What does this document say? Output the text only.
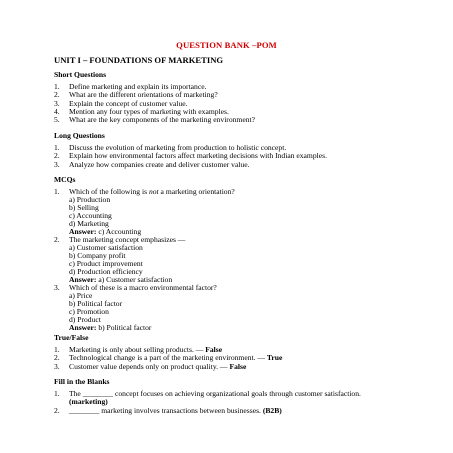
QUESTION BANK –POM
UNIT I – FOUNDATIONS OF MARKETING
Short Questions
1. Define marketing and explain its importance.
2. What are the different orientations of marketing?
3. Explain the concept of customer value.
4. Mention any four types of marketing with examples.
5. What are the key components of the marketing environment?
Long Questions
1. Discuss the evolution of marketing from production to holistic concept.
2. Explain how environmental factors affect marketing decisions with Indian examples.
3. Analyze how companies create and deliver customer value.
MCQs
1. Which of the following is not a marketing orientation?
a) Production
b) Selling
c) Accounting
d) Marketing
Answer: c) Accounting
2. The marketing concept emphasizes —
a) Customer satisfaction
b) Company profit
c) Product improvement
d) Production efficiency
Answer: a) Customer satisfaction
3. Which of these is a macro environmental factor?
a) Price
b) Political factor
c) Promotion
d) Product
Answer: b) Political factor
True/False
1. Marketing is only about selling products. — False
2. Technological change is a part of the marketing environment. — True
3. Customer value depends only on product quality. — False
Fill in the Blanks
1. The ________ concept focuses on achieving organizational goals through customer satisfaction. (marketing)
2. ________ marketing involves transactions between businesses. (B2B)
